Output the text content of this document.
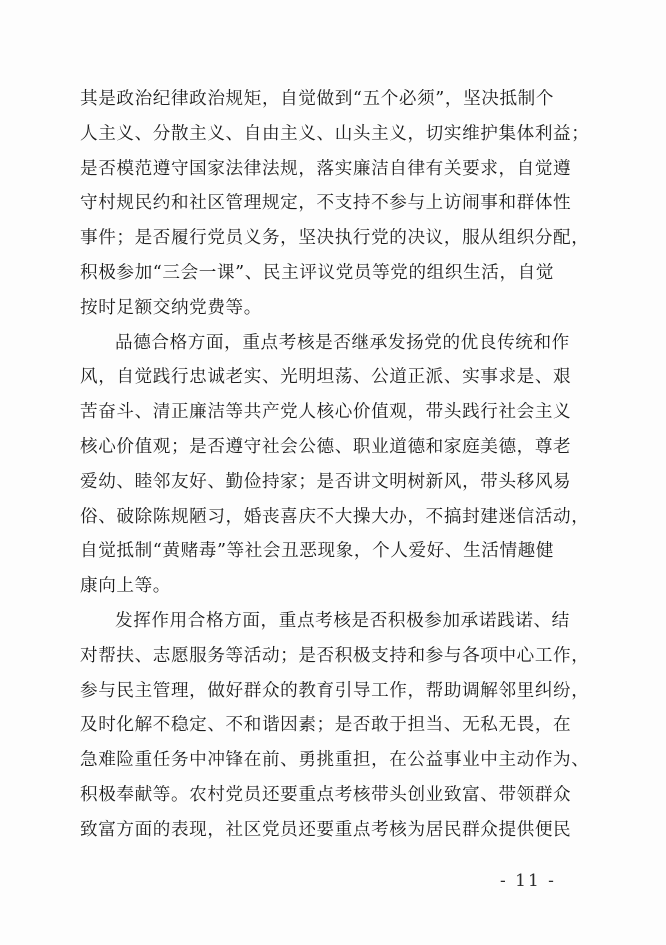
其是政治纪律政治规矩，自觉做到“五个必须”，坚决抵制个
人主义、分散主义、自由主义、山头主义，切实维护集体利益；
是否模范遵守国家法律法规，落实廉洁自律有关要求，自觉遵
守村规民约和社区管理规定，不支持不参与上访闹事和群体性
事件；是否履行党员义务，坚决执行党的决议，服从组织分配，
积极参加“三会一课”、民主评议党员等党的组织生活，自觉
按时足额交纳党费等。
品德合格方面，重点考核是否继承发扬党的优良传统和作
风，自觉践行忠诚老实、光明坦荡、公道正派、实事求是、艰
苦奋斗、清正廉洁等共产党人核心价值观，带头践行社会主义
核心价值观；是否遵守社会公德、职业道德和家庭美德，尊老
爱幼、睦邻友好、勤俭持家；是否讲文明树新风，带头移风易
俗、破除陈规陋习，婚丧喜庆不大操大办，不搞封建迷信活动，
自觉抵制“黄赌毒”等社会丑恶现象，个人爱好、生活情趣健
康向上等。
发挥作用合格方面，重点考核是否积极参加承诺践诺、结
对帮扶、志愿服务等活动；是否积极支持和参与各项中心工作，
参与民主管理，做好群众的教育引导工作，帮助调解邻里纠纷，
及时化解不稳定、不和谐因素；是否敢于担当、无私无畏，在
急难险重任务中冲锋在前、勇挑重担，在公益事业中主动作为、
积极奉献等。农村党员还要重点考核带头创业致富、带领群众
致富方面的表现，社区党员还要重点考核为居民群众提供便民
- 11 -
